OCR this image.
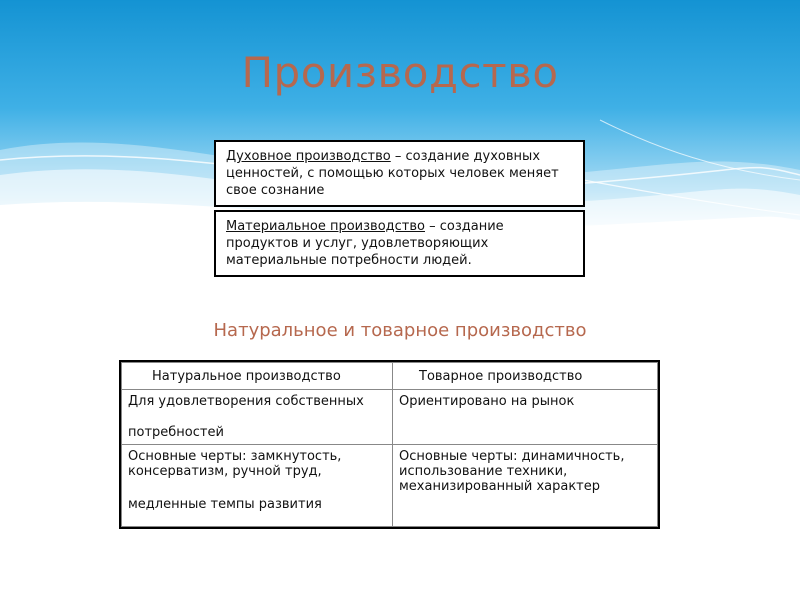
Производство
Духовное производство – создание духовных ценностей, с помощью которых человек меняет свое сознание
Материальное производство – создание продуктов и услуг, удовлетворяющих материальные потребности людей.
Натуральное и товарное производство
Натуральное производство	Товарное производство
Для удовлетворения собственных
потребностей	Ориентировано на рынок
Основные черты: замкнутость, консерватизм, ручной труд,
медленные темпы развития	Основные черты: динамичность, использование техники, механизированный характер
